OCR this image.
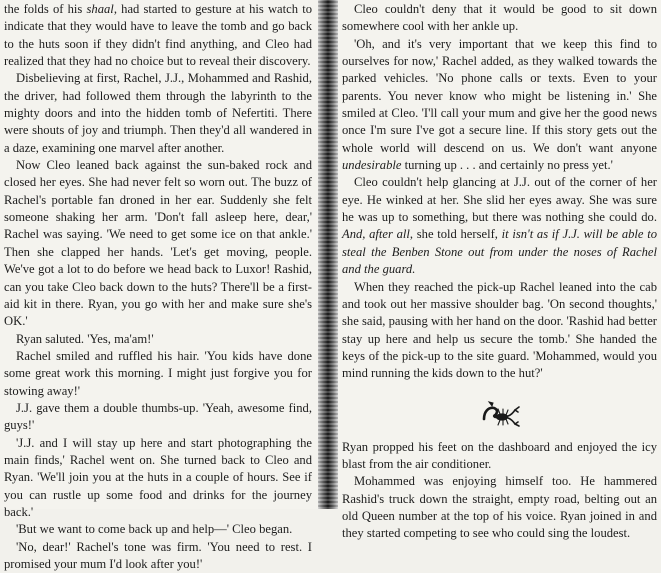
the folds of his shaal, had started to gesture at his watch to indicate that they would have to leave the tomb and go back to the huts soon if they didn't find anything, and Cleo had realized that they had no choice but to reveal their discovery.

Disbelieving at first, Rachel, J.J., Mohammed and Rashid, the driver, had followed them through the labyrinth to the mighty doors and into the hidden tomb of Nefertiti. There were shouts of joy and triumph. Then they'd all wandered in a daze, examining one marvel after another.

Now Cleo leaned back against the sun-baked rock and closed her eyes. She had never felt so worn out. The buzz of Rachel's portable fan droned in her ear. Suddenly she felt someone shaking her arm. 'Don't fall asleep here, dear,' Rachel was saying. 'We need to get some ice on that ankle.' Then she clapped her hands. 'Let's get moving, people. We've got a lot to do before we head back to Luxor! Rashid, can you take Cleo back down to the huts? There'll be a first-aid kit in there. Ryan, you go with her and make sure she's OK.'

Ryan saluted. 'Yes, ma'am!'

Rachel smiled and ruffled his hair. 'You kids have done some great work this morning. I might just forgive you for stowing away!'

J.J. gave them a double thumbs-up. 'Yeah, awesome find, guys!'

'J.J. and I will stay up here and start photographing the main finds,' Rachel went on. She turned back to Cleo and Ryan. 'We'll join you at the huts in a couple of hours. See if you can rustle up some food and drinks for the journey back.'

'But we want to come back up and help—' Cleo began.

'No, dear!' Rachel's tone was firm. 'You need to rest. I promised your mum I'd look after you!'

Cleo couldn't deny that it would be good to sit down somewhere cool with her ankle up.

'Oh, and it's very important that we keep this find to ourselves for now,' Rachel added, as they walked towards the parked vehicles. 'No phone calls or texts. Even to your parents. You never know who might be listening in.' She smiled at Cleo. 'I'll call your mum and give her the good news once I'm sure I've got a secure line. If this story gets out the whole world will descend on us. We don't want anyone undesirable turning up . . . and certainly no press yet.'

Cleo couldn't help glancing at J.J. out of the corner of her eye. He winked at her. She slid her eyes away. She was sure he was up to something, but there was nothing she could do. And, after all, she told herself, it isn't as if J.J. will be able to steal the Benben Stone out from under the noses of Rachel and the guard.

When they reached the pick-up Rachel leaned into the cab and took out her massive shoulder bag. 'On second thoughts,' she said, pausing with her hand on the door. 'Rashid had better stay up here and help us secure the tomb.' She handed the keys of the pick-up to the site guard. 'Mohammed, would you mind running the kids down to the hut?'

Ryan propped his feet on the dashboard and enjoyed the icy blast from the air conditioner.

Mohammed was enjoying himself too. He hammered Rashid's truck down the straight, empty road, belting out an old Queen number at the top of his voice. Ryan joined in and they started competing to see who could sing the loudest.
